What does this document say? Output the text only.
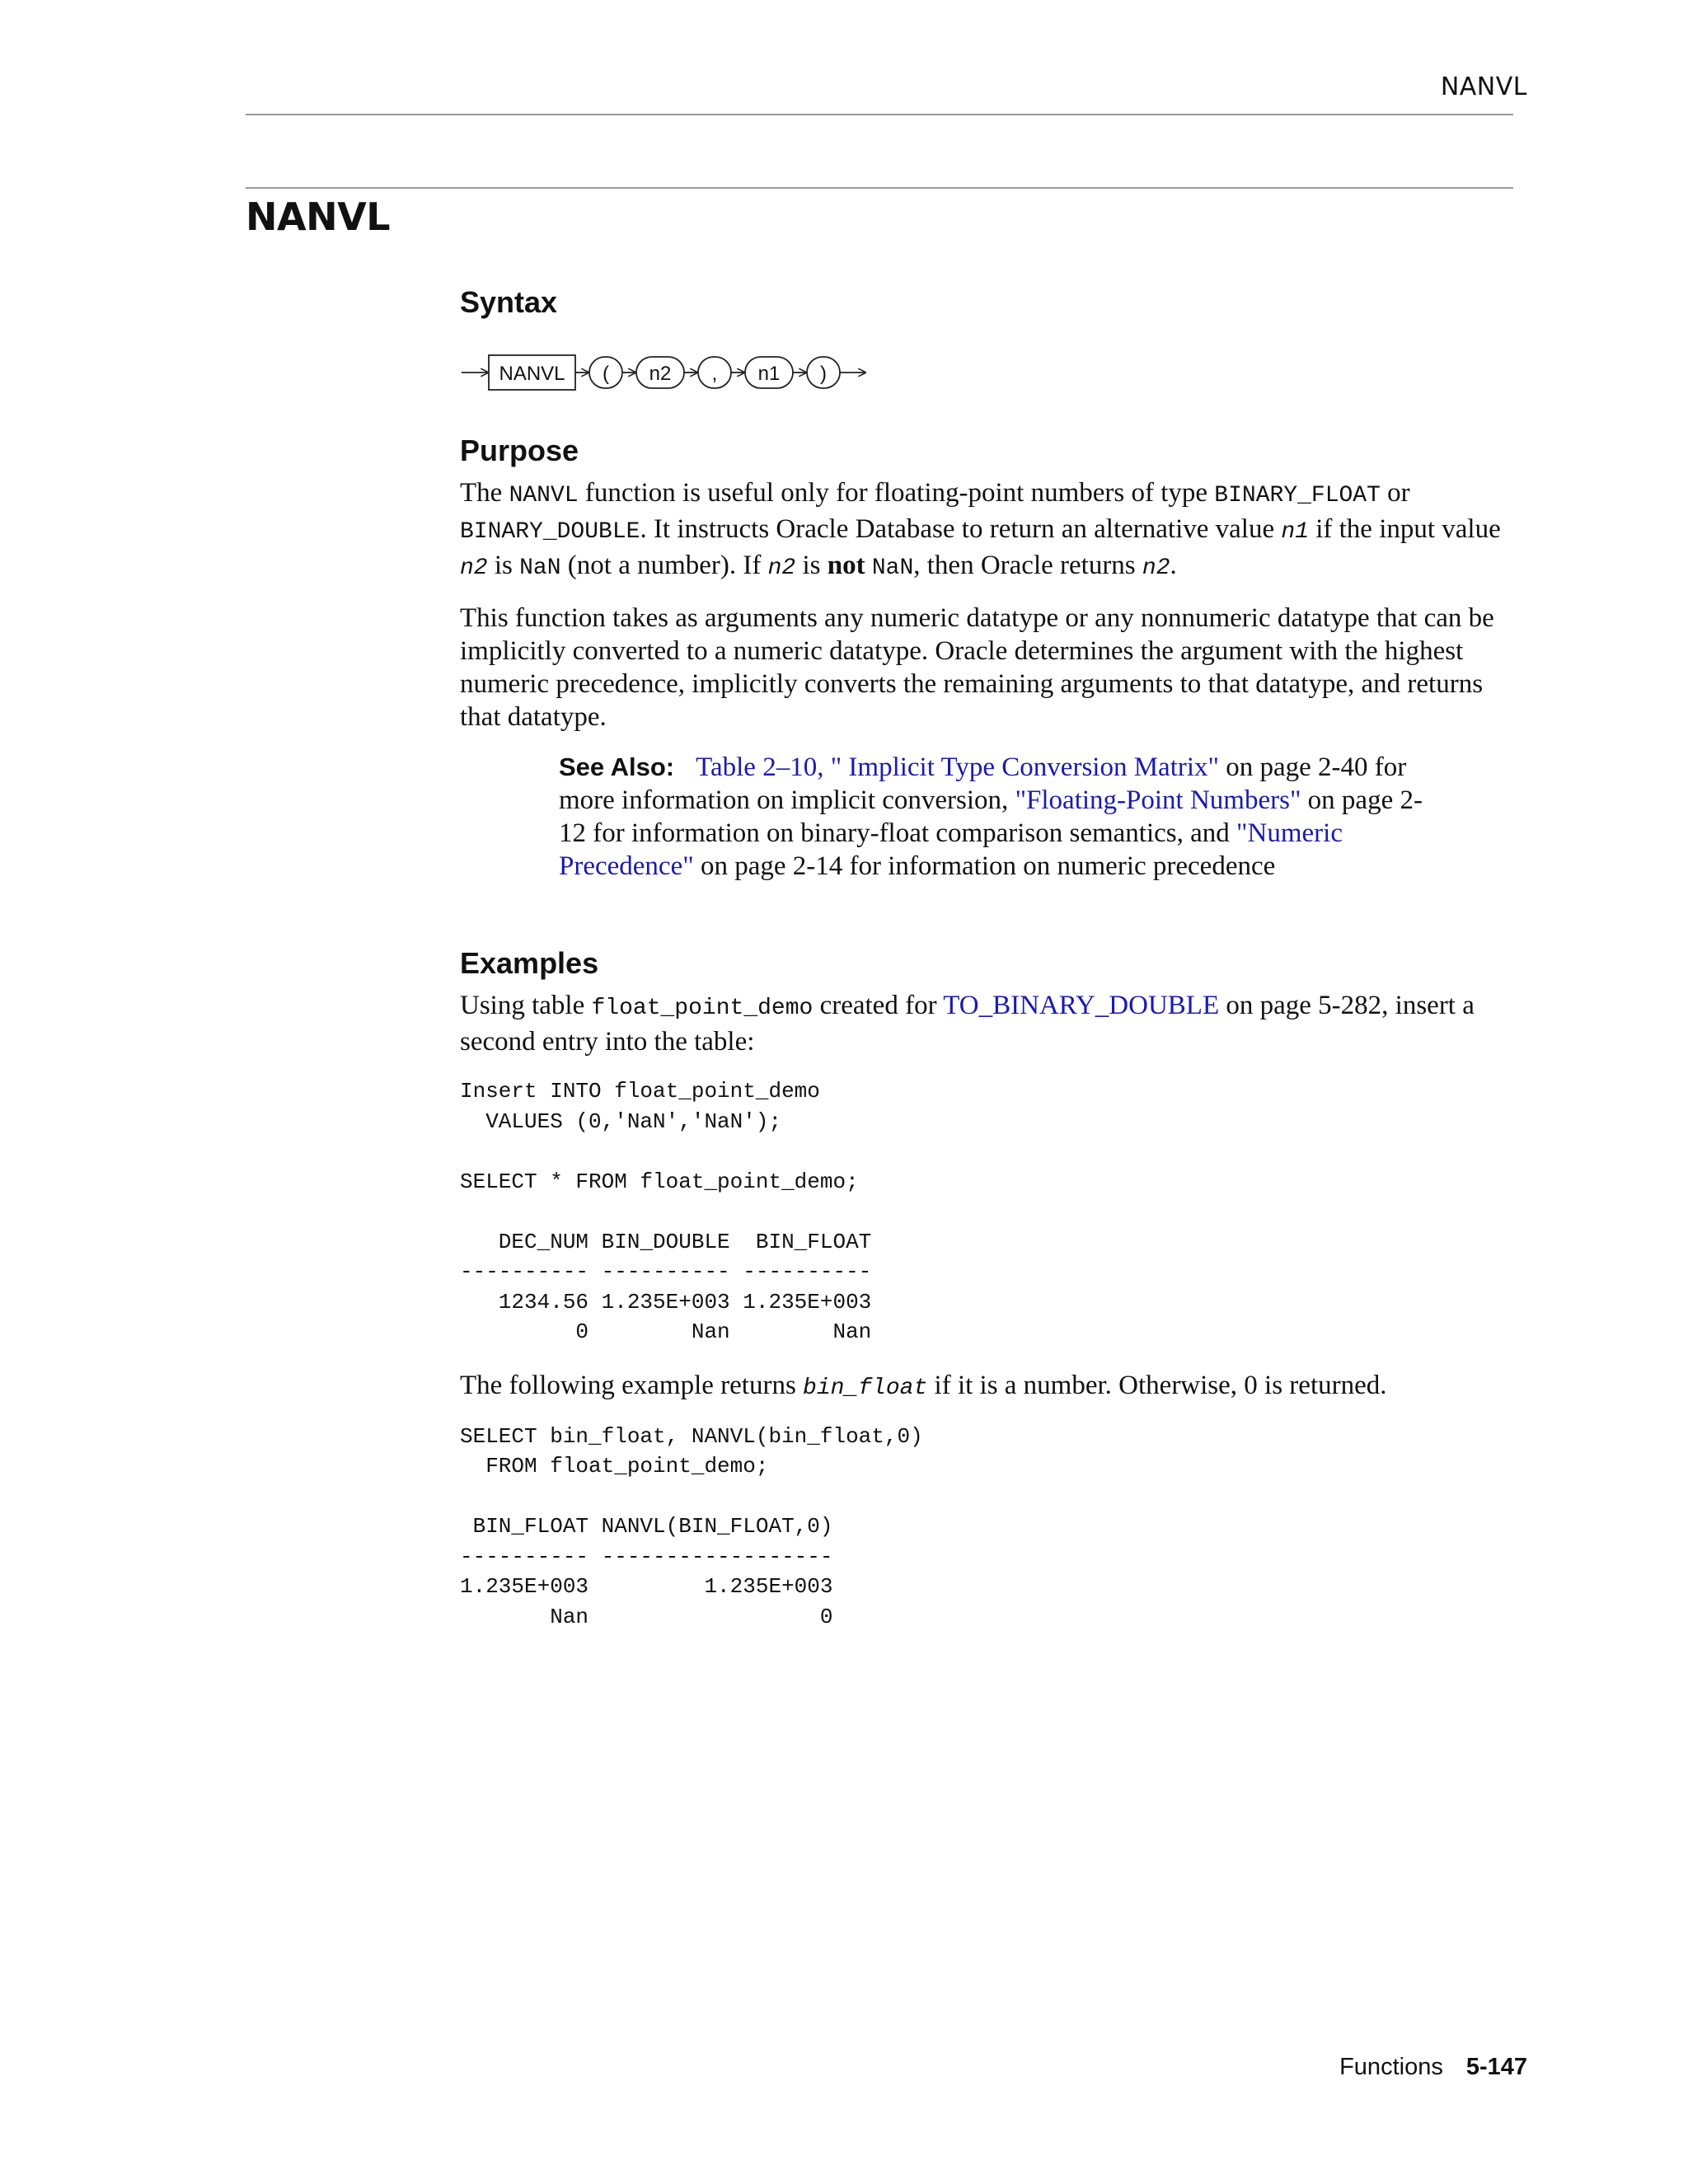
NANVL
NANVL
Syntax
NANVL ( n2 , n1 )
Purpose

The NANVL function is useful only for floating-point numbers of type BINARY_FLOAT or BINARY_DOUBLE. It instructs Oracle Database to return an alternative value n1 if the input value n2 is NaN (not a number). If n2 is not NaN, then Oracle returns n2.

This function takes as arguments any numeric datatype or any nonnumeric datatype that can be implicitly converted to a numeric datatype. Oracle determines the argument with the highest numeric precedence, implicitly converts the remaining arguments to that datatype, and returns that datatype.

See Also: Table 2–10, " Implicit Type Conversion Matrix" on page 2-40 for more information on implicit conversion, "Floating-Point Numbers" on page 2-12 for information on binary-float comparison semantics, and "Numeric Precedence" on page 2-14 for information on numeric precedence
Examples

Using table float_point_demo created for TO_BINARY_DOUBLE on page 5-282, insert a second entry into the table:

Insert INTO float_point_demo
VALUES (0,'NaN','NaN');

SELECT * FROM float_point_demo;

DEC_NUM BIN_DOUBLE  BIN_FLOAT
---------- ---------- ----------
1234.56 1.235E+003 1.235E+003
0        Nan        Nan

The following example returns bin_float if it is a number. Otherwise, 0 is returned.

SELECT bin_float, NANVL(bin_float,0)
FROM float_point_demo;

BIN_FLOAT NANVL(BIN_FLOAT,0)
---------- ------------------
1.235E+003         1.235E+003
Nan                  0
Functions 5-147
